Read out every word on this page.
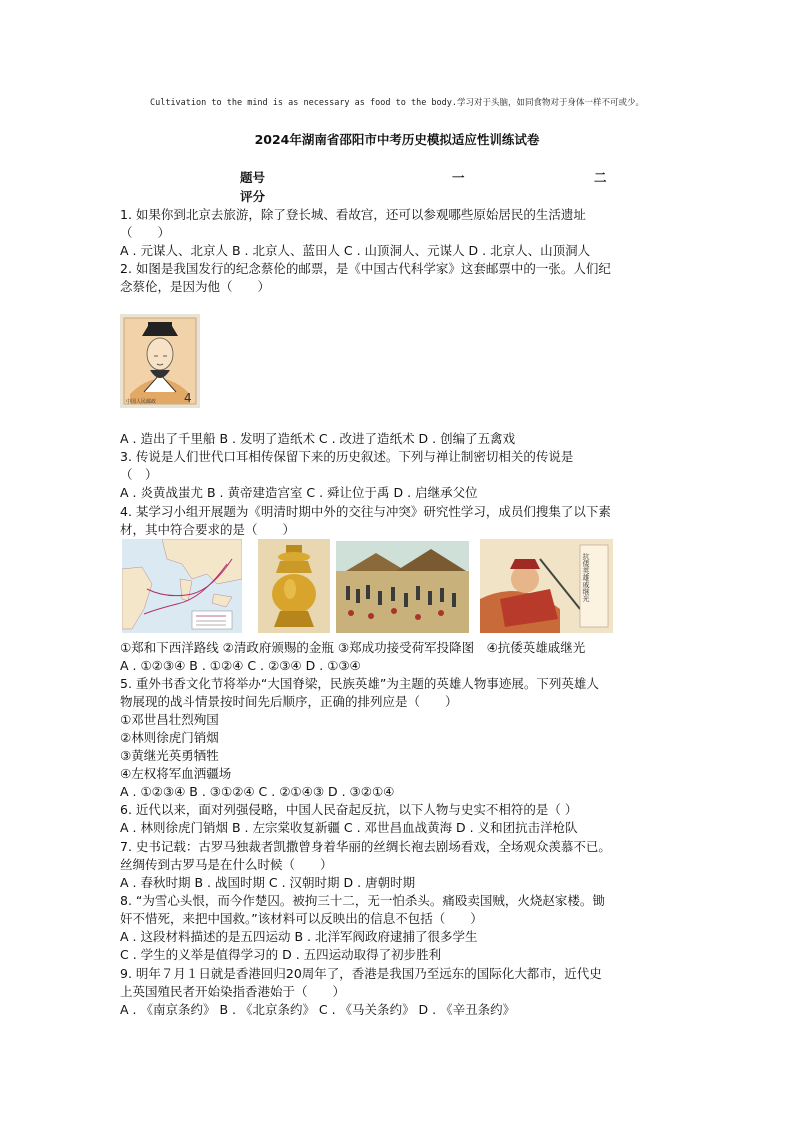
Cultivation to the mind is as necessary as food to the body.学习对于头脑，如同食物对于身体一样不可或少。
2024年湖南省邵阳市中考历史模拟适应性训练试卷
题号	一	二
评分
1. 如果你到北京去旅游，除了登长城、看故宫，还可以参观哪些原始居民的生活遗址
（　　）
A . 元谋人、北京人 B . 北京人、蓝田人 C . 山顶洞人、元谋人 D . 北京人、山顶洞人
2. 如图是我国发行的纪念蔡伦的邮票，是《中国古代科学家》这套邮票中的一张。人们纪
念蔡伦，是因为他（　　）
中国人民邮政 4
A . 造出了千里船 B . 发明了造纸术 C . 改进了造纸术 D . 创编了五禽戏
3. 传说是人们世代口耳相传保留下来的历史叙述。下列与禅让制密切相关的传说是
（　）
A . 炎黄战蚩尤 B . 黄帝建造宫室 C . 舜让位于禹 D . 启继承父位
4. 某学习小组开展题为《明清时期中外的交往与冲突》研究性学习，成员们搜集了以下素
材，其中符合要求的是（　　）
抗倭英雄戚继光
①郑和下西洋路线 ②清政府颁赐的金瓶 ③郑成功接受荷军投降图　④抗倭英雄戚继光
A . ①②③④ B . ①②④ C . ②③④ D . ①③④
5. 重外书香文化节将举办“大国脊梁，民族英雄”为主题的英雄人物事迹展。下列英雄人
物展现的战斗情景按时间先后顺序，正确的排列应是（　　）
①邓世昌壮烈殉国
②林则徐虎门销烟
③黄继光英勇牺牲
④左权将军血洒疆场
A . ①②③④ B . ③①②④ C . ②①④③ D . ③②①④
6. 近代以来，面对列强侵略，中国人民奋起反抗，以下人物与史实不相符的是（ ）
A . 林则徐虎门销烟 B . 左宗棠收复新疆 C . 邓世昌血战黄海 D . 义和团抗击洋枪队
7. 史书记载：古罗马独裁者凯撒曾身着华丽的丝绸长袍去剧场看戏，全场观众羡慕不已。
丝绸传到古罗马是在什么时候（　　）
A . 春秋时期 B . 战国时期 C . 汉朝时期 D . 唐朝时期
8. “为雪心头恨，而今作楚囚。被拘三十二，无一怕杀头。痛殴卖国贼，火烧赵家楼。锄
奸不惜死，来把中国救。”该材料可以反映出的信息不包括（　　）
A . 这段材料描述的是五四运动 B . 北洋军阀政府逮捕了很多学生
C . 学生的义举是值得学习的 D . 五四运动取得了初步胜利
9. 明年７月１日就是香港回归20周年了，香港是我国乃至远东的国际化大都市，近代史
上英国殖民者开始染指香港始于（　　）
A . 《南京条约》 B . 《北京条约》 C . 《马关条约》 D . 《辛丑条约》
